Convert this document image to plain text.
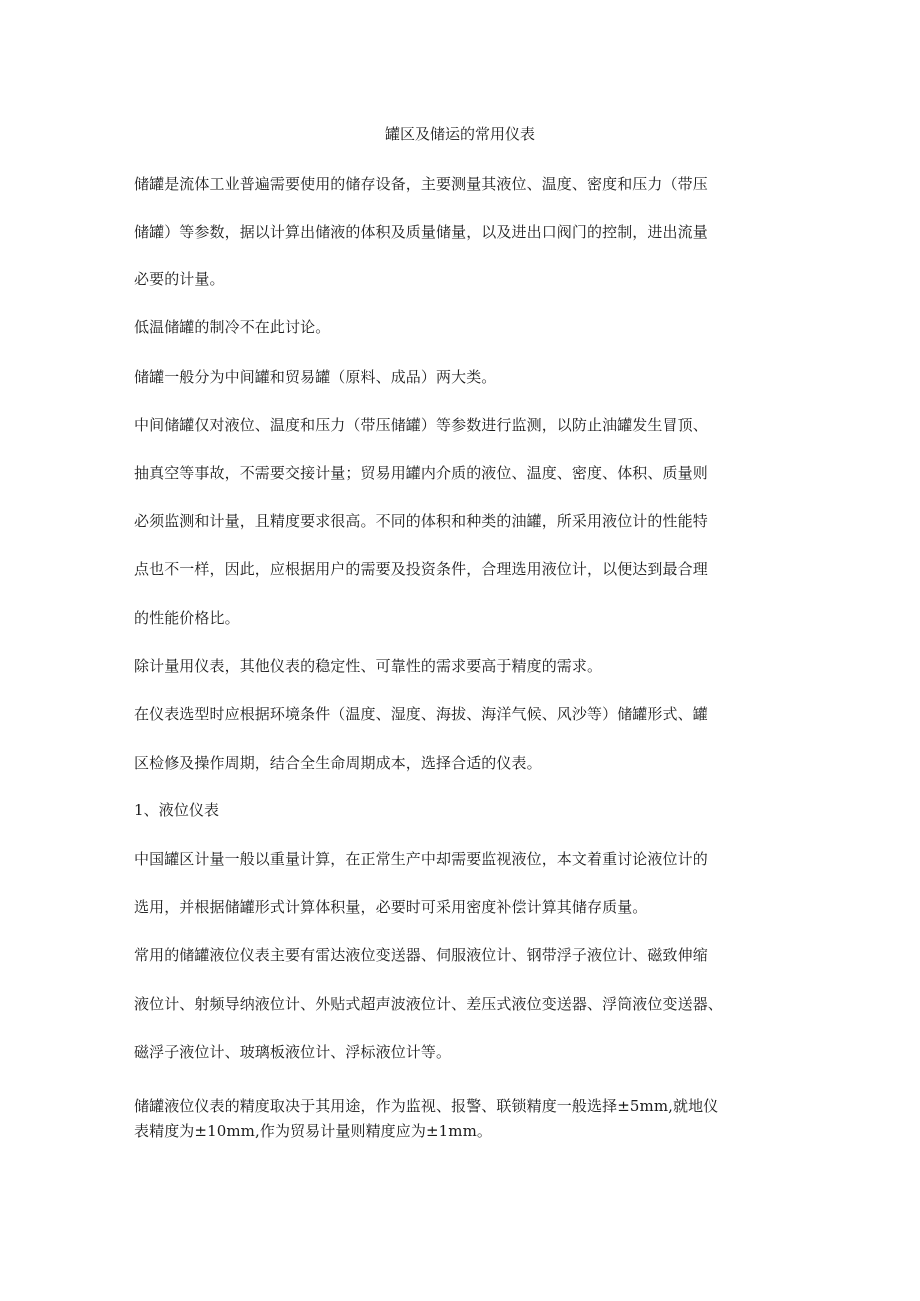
罐区及储运的常用仪表
储罐是流体工业普遍需要使用的储存设备，主要测量其液位、温度、密度和压力（带压
储罐）等参数，据以计算出储液的体积及质量储量，以及进出口阀门的控制，进出流量
必要的计量。
低温储罐的制冷不在此讨论。
储罐一般分为中间罐和贸易罐（原料、成品）两大类。
中间储罐仅对液位、温度和压力（带压储罐）等参数进行监测，以防止油罐发生冒顶、
抽真空等事故，不需要交接计量；贸易用罐内介质的液位、温度、密度、体积、质量则
必须监测和计量，且精度要求很高。不同的体积和种类的油罐，所采用液位计的性能特
点也不一样，因此，应根据用户的需要及投资条件，合理选用液位计，以便达到最合理
的性能价格比。
除计量用仪表，其他仪表的稳定性、可靠性的需求要高于精度的需求。
在仪表选型时应根据环境条件（温度、湿度、海拔、海洋气候、风沙等）储罐形式、罐
区检修及操作周期，结合全生命周期成本，选择合适的仪表。
1、液位仪表
中国罐区计量一般以重量计算，在正常生产中却需要监视液位，本文着重讨论液位计的
选用，并根据储罐形式计算体积量，必要时可采用密度补偿计算其储存质量。
常用的储罐液位仪表主要有雷达液位变送器、伺服液位计、钢带浮子液位计、磁致伸缩
液位计、射频导纳液位计、外贴式超声波液位计、差压式液位变送器、浮筒液位变送器、
磁浮子液位计、玻璃板液位计、浮标液位计等。
储罐液位仪表的精度取决于其用途，作为监视、报警、联锁精度一般选择±5mm,就地仪
表精度为±10mm,作为贸易计量则精度应为±1mm。
